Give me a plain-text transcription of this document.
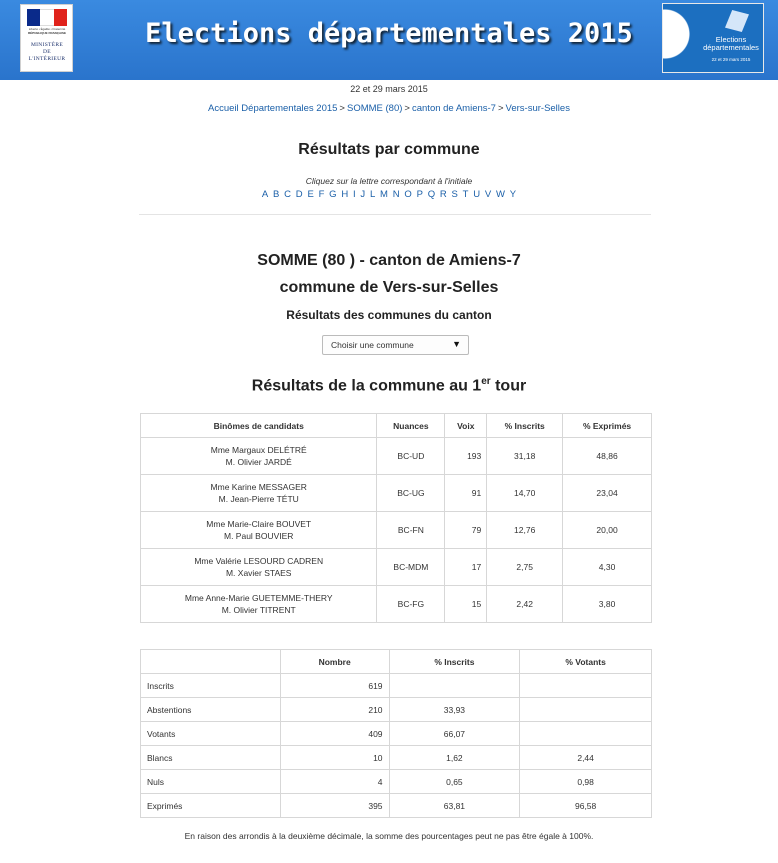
Liberté • Égalité • Fraternité
RÉPUBLIQUE FRANÇAISE
MINISTÈRE
DE
L'INTÉRIEUR
Elections départementales 2015	Elections
départementales
22 et 29 mars 2015
22 et 29 mars 2015
Accueil Départementales 2015 > SOMME (80) > canton de Amiens-7 > Vers-sur-Selles
Résultats par commune
Cliquez sur la lettre correspondant à l'initiale
A B C D E F G H I J L M N O P Q R S T U V W Y
SOMME (80 ) - canton de Amiens-7
commune de Vers-sur-Selles
Résultats des communes du canton
Choisir une commune	▼
Résultats de la commune au 1er tour
Binômes de candidats	Nuances	Voix	% Inscrits	% Exprimés

Mme Margaux DELÉTRÉ
M. Olivier JARDÉ	BC-UD	193	31,18	48,86

Mme Karine MESSAGER
M. Jean-Pierre TÉTU	BC-UG	91	14,70	23,04

Mme Marie-Claire BOUVET
M. Paul BOUVIER	BC-FN	79	12,76	20,00

Mme Valérie LESOURD CADREN
M. Xavier STAES	BC-MDM	17	2,75	4,30

Mme Anne-Marie GUETEMME-THERY
M. Olivier TITRENT	BC-FG	15	2,42	3,80
	Nombre	% Inscrits	% Votants
Inscrits	619		
Abstentions	210	33,93	
Votants	409	66,07	
Blancs	10	1,62	2,44
Nuls	4	0,65	0,98
Exprimés	395	63,81	96,58
En raison des arrondis à la deuxième décimale, la somme des pourcentages peut ne pas être égale à 100%.
